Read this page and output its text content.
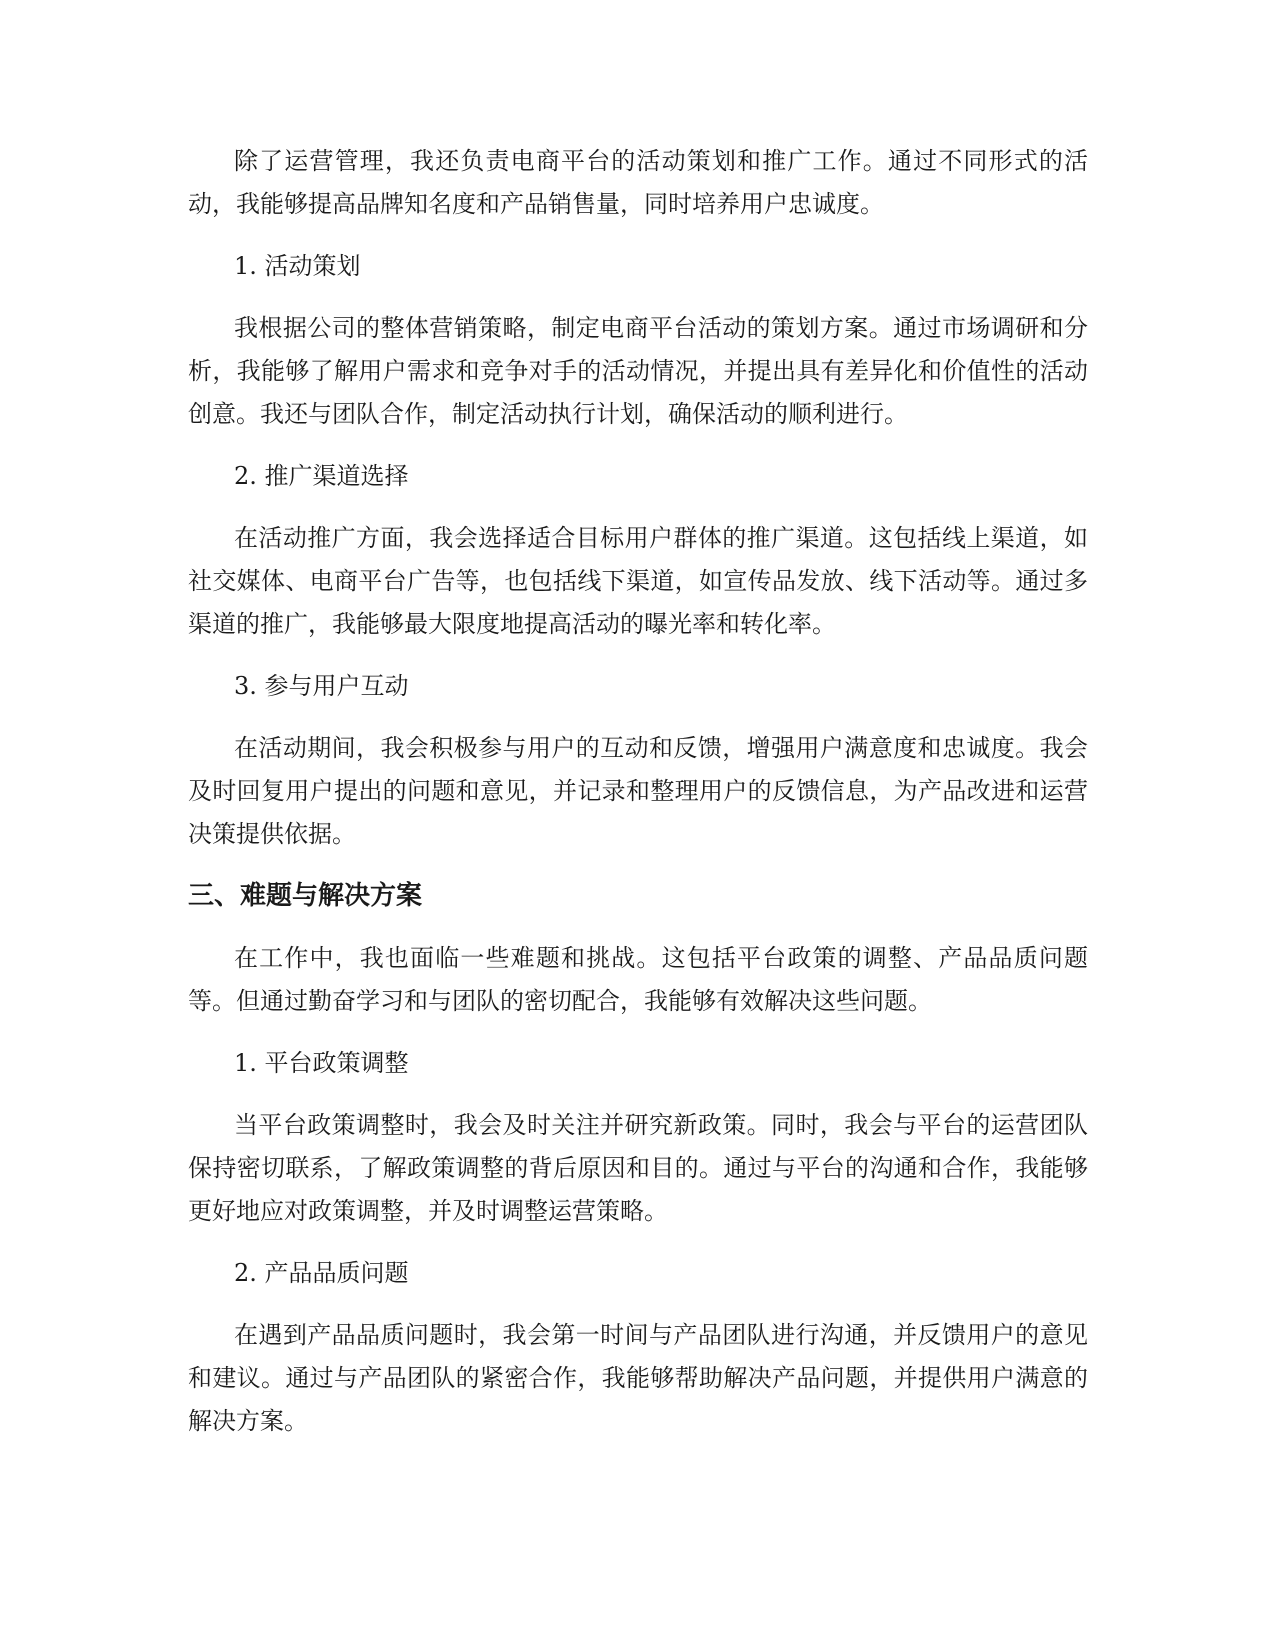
除了运营管理，我还负责电商平台的活动策划和推广工作。通过不同形式的活动，我能够提高品牌知名度和产品销售量，同时培养用户忠诚度。

1. 活动策划

我根据公司的整体营销策略，制定电商平台活动的策划方案。通过市场调研和分析，我能够了解用户需求和竞争对手的活动情况，并提出具有差异化和价值性的活动创意。我还与团队合作，制定活动执行计划，确保活动的顺利进行。

2. 推广渠道选择

在活动推广方面，我会选择适合目标用户群体的推广渠道。这包括线上渠道，如社交媒体、电商平台广告等，也包括线下渠道，如宣传品发放、线下活动等。通过多渠道的推广，我能够最大限度地提高活动的曝光率和转化率。

3. 参与用户互动

在活动期间，我会积极参与用户的互动和反馈，增强用户满意度和忠诚度。我会及时回复用户提出的问题和意见，并记录和整理用户的反馈信息，为产品改进和运营决策提供依据。

三、难题与解决方案

在工作中，我也面临一些难题和挑战。这包括平台政策的调整、产品品质问题等。但通过勤奋学习和与团队的密切配合，我能够有效解决这些问题。

1. 平台政策调整

当平台政策调整时，我会及时关注并研究新政策。同时，我会与平台的运营团队保持密切联系，了解政策调整的背后原因和目的。通过与平台的沟通和合作，我能够更好地应对政策调整，并及时调整运营策略。

2. 产品品质问题

在遇到产品品质问题时，我会第一时间与产品团队进行沟通，并反馈用户的意见和建议。通过与产品团队的紧密合作，我能够帮助解决产品问题，并提供用户满意的解决方案。
